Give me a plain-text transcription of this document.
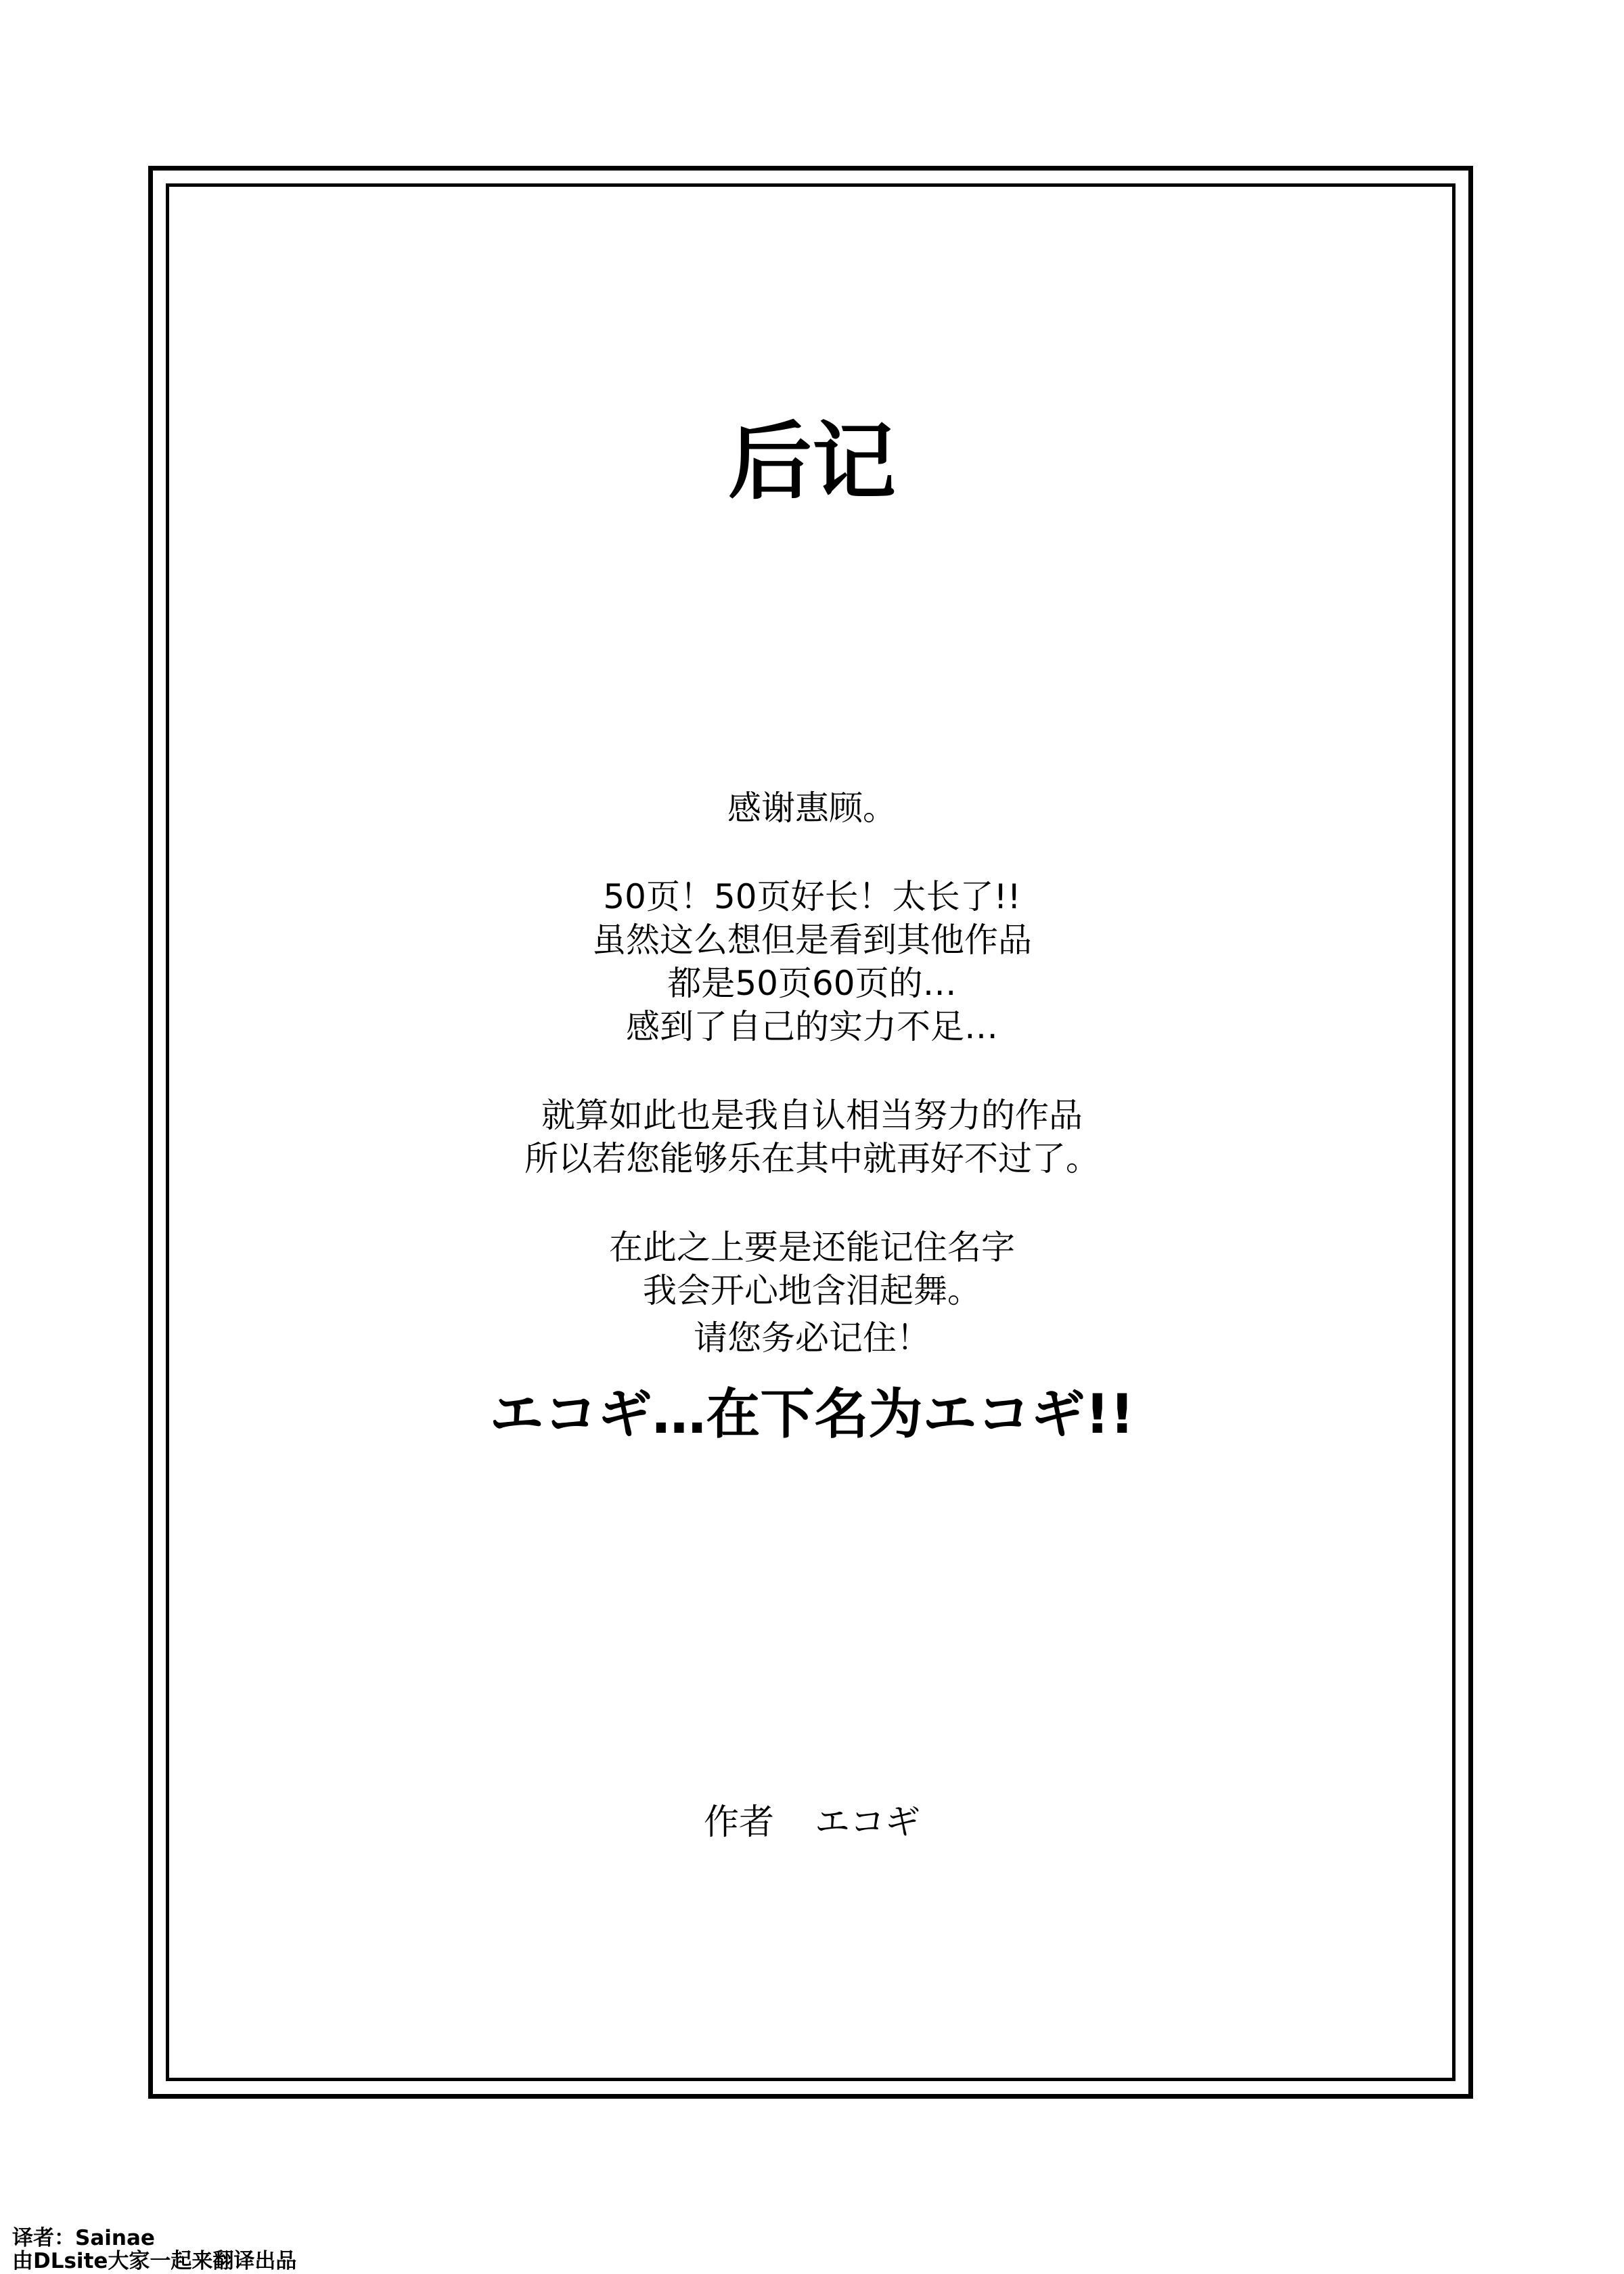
后记
感谢惠顾。
50页！50页好长！太长了!!
虽然这么想但是看到其他作品
都是50页60页的…
感到了自己的实力不足…
就算如此也是我自认相当努力的作品
所以若您能够乐在其中就再好不过了。
在此之上要是还能记住名字
我会开心地含泪起舞。
请您务必记住！
エコギ…在下名为エコギ!!
作者 エコギ
译者：Sainae
由DLsite大家一起来翻译出品
